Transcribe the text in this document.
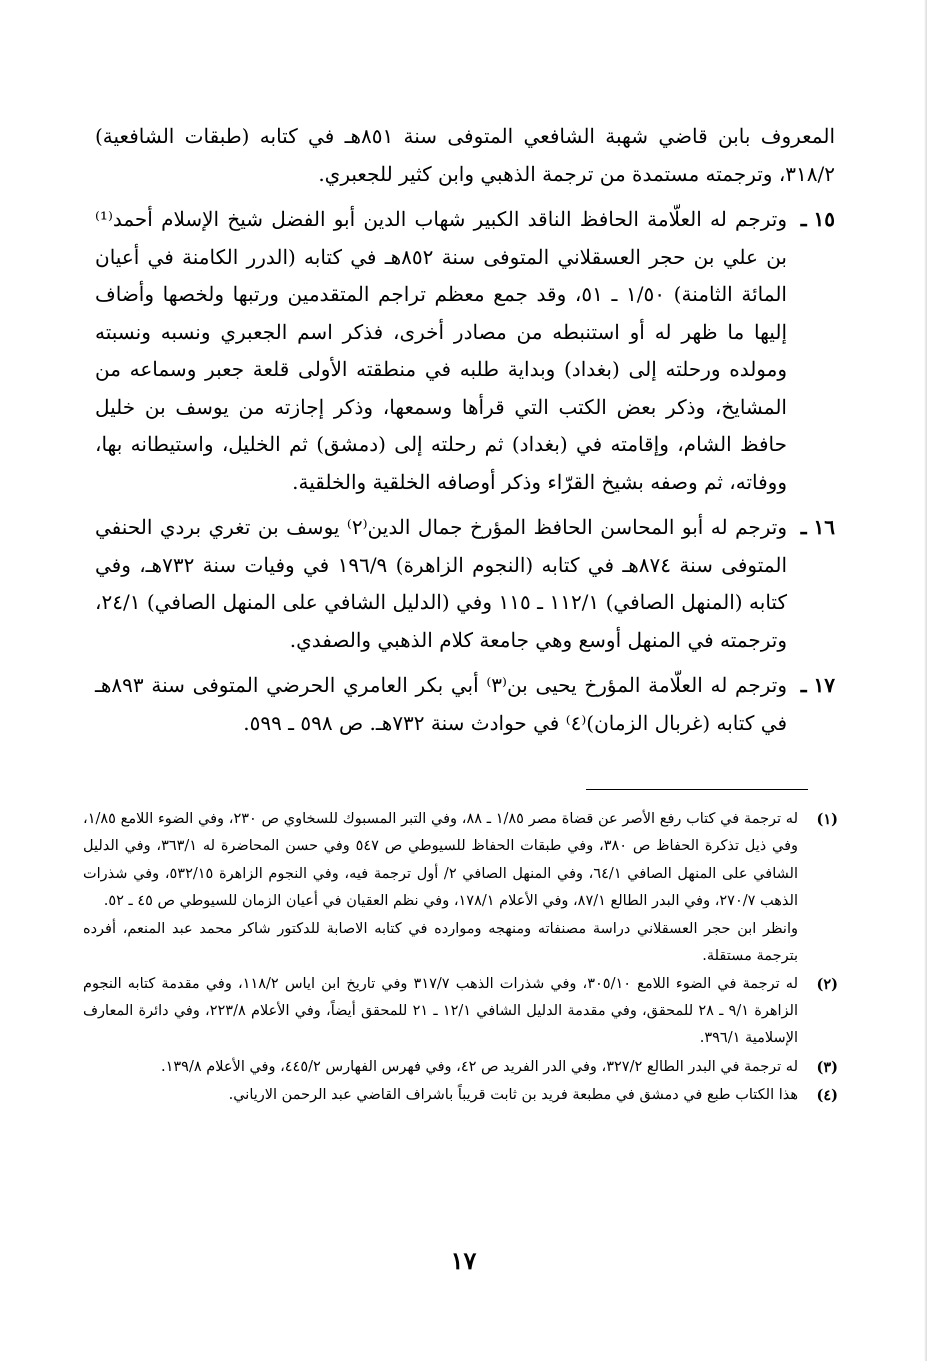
المعروف بابن قاضي شهبة الشافعي المتوفى سنة ٨٥١هـ في كتابه (طبقات الشافعية) ٣١٨/٢، وترجمته مستمدة من ترجمة الذهبي وابن كثير للجعبري.

١٥ ـ
وترجم له العلّامة الحافظ الناقد الكبير شهاب الدين أبو الفضل شيخ الإسلام أحمد⁽¹⁾ بن علي بن حجر العسقلاني المتوفى سنة ٨٥٢هـ في كتابه (الدرر الكامنة في أعيان المائة الثامنة) ١/٥٠ ـ ٥١، وقد جمع معظم تراجم المتقدمين ورتبها ولخصها وأضاف إليها ما ظهر له أو استنبطه من مصادر أخرى، فذكر اسم الجعبري ونسبه ونسبته ومولده ورحلته إلى (بغداد) وبداية طلبه في منطقته الأولى قلعة جعبر وسماعه من المشايخ، وذكر بعض الكتب التي قرأها وسمعها، وذكر إجازته من يوسف بن خليل حافظ الشام، وإقامته في (بغداد) ثم رحلته إلى (دمشق) ثم الخليل، واستيطانه بها، ووفاته، ثم وصفه بشيخ القرّاء وذكر أوصافه الخلقية والخلقية.
١٦ ـ
وترجم له أبو المحاسن الحافظ المؤرخ جمال الدين⁽٢⁾ يوسف بن تغري بردي الحنفي المتوفى سنة ٨٧٤هـ في كتابه (النجوم الزاهرة) ١٩٦/٩ في وفيات سنة ٧٣٢هـ، وفي كتابه (المنهل الصافي) ١١٢/١ ـ ١١٥ وفي (الدليل الشافي على المنهل الصافي) ٢٤/١، وترجمته في المنهل أوسع وهي جامعة كلام الذهبي والصفدي.
١٧ ـ
وترجم له العلّامة المؤرخ يحيى بن⁽٣⁾ أبي بكر العامري الحرضي المتوفى سنة ٨٩٣هـ في كتابه (غربال الزمان)⁽٤⁾ في حوادث سنة ٧٣٢هـ. ص ٥٩٨ ـ ٥٩٩.
(١)
له ترجمة في كتاب رفع الأصر عن قضاة مصر ١/٨٥ ـ ٨٨، وفي التبر المسبوك للسخاوي ص ٢٣٠، وفي الضوء اللامع ١/٨٥، وفي ذيل تذكرة الحفاظ ص ٣٨٠، وفي طبقات الحفاظ للسيوطي ص ٥٤٧ وفي حسن المحاضرة له ٣٦٣/١، وفي الدليل الشافي على المنهل الصافي ٦٤/١، وفي المنهل الصافي ٢/ أول ترجمة فيه، وفي النجوم الزاهرة ٥٣٢/١٥، وفي شذرات الذهب ٢٧٠/٧، وفي البدر الطالع ٨٧/١، وفي الأعلام ١٧٨/١، وفي نظم العقيان في أعيان الزمان للسيوطي ص ٤٥ ـ ٥٢.
وانظر ابن حجر العسقلاني دراسة مصنفاته ومنهجه وموارده في كتابه الاصابة للدكتور شاكر محمد عبد المنعم، أفرده بترجمة مستقلة.
(٢)
له ترجمة في الضوء اللامع ٣٠٥/١٠، وفي شذرات الذهب ٣١٧/٧ وفي تاريخ ابن اياس ١١٨/٢، وفي مقدمة كتابه النجوم الزاهرة ٩/١ ـ ٢٨ للمحقق، وفي مقدمة الدليل الشافي ١٢/١ ـ ٢١ للمحقق أيضاً، وفي الأعلام ٢٢٣/٨، وفي دائرة المعارف الإسلامية ٣٩٦/١.
(٣)
له ترجمة في البدر الطالع ٣٢٧/٢، وفي الدر الفريد ص ٤٢، وفي فهرس الفهارس ٤٤٥/٢، وفي الأعلام ١٣٩/٨.
(٤)
هذا الكتاب طبع في دمشق في مطبعة فريد بن ثابت قريباً باشراف القاضي عبد الرحمن الارياني.
١٧
